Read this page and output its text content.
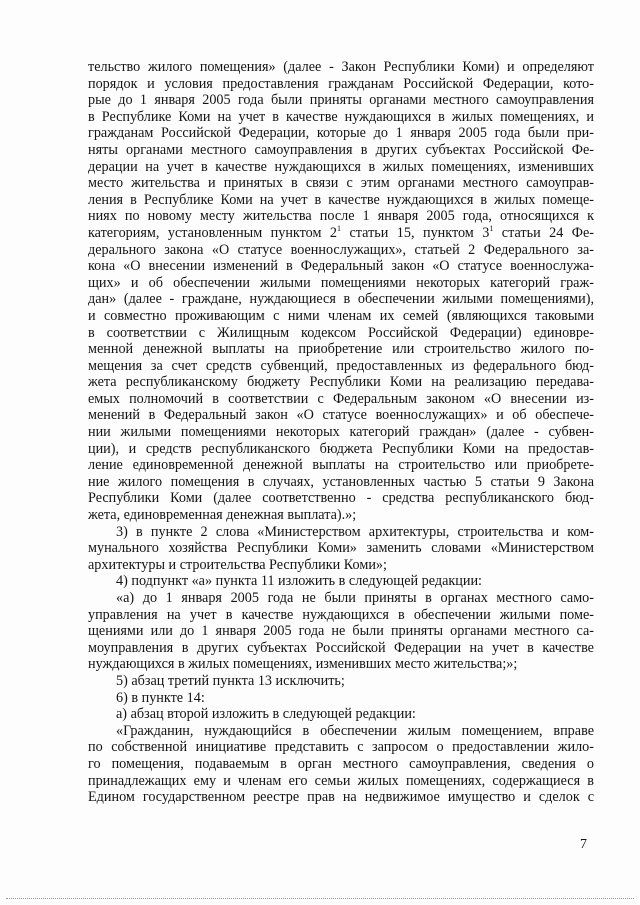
тельство жилого помещения» (далее - Закон Республики Коми) и определяют
порядок и условия предоставления гражданам Российской Федерации, кото-
рые до 1 января 2005 года были приняты органами местного самоуправления
в Республике Коми на учет в качестве нуждающихся в жилых помещениях, и
гражданам Российской Федерации, которые до 1 января 2005 года были при-
няты органами местного самоуправления в других субъектах Российской Фе-
дерации на учет в качестве нуждающихся в жилых помещениях, изменивших
место жительства и принятых в связи с этим органами местного самоуправ-
ления в Республике Коми на учет в качестве нуждающихся в жилых помеще-
ниях по новому месту жительства после 1 января 2005 года, относящихся к
категориям, установленным пунктом $2^1$ статьи 15, пунктом $3^1$ статьи 24 Фе-
дерального закона «О статусе военнослужащих», статьей 2 Федерального за-
кона «О внесении изменений в Федеральный закон «О статусе военнослужа-
щих» и об обеспечении жилыми помещениями некоторых категорий граж-
дан» (далее - граждане, нуждающиеся в обеспечении жилыми помещениями),
и совместно проживающим с ними членам их семей (являющихся таковыми
в соответствии с Жилищным кодексом Российской Федерации) единовре-
менной денежной выплаты на приобретение или строительство жилого по-
мещения за счет средств субвенций, предоставленных из федерального бюд-
жета республиканскому бюджету Республики Коми на реализацию передава-
емых полномочий в соответствии с Федеральным законом «О внесении из-
менений в Федеральный закон «О статусе военнослужащих» и об обеспече-
нии жилыми помещениями некоторых категорий граждан» (далее - субвен-
ции), и средств республиканского бюджета Республики Коми на предостав-
ление единовременной денежной выплаты на строительство или приобрете-
ние жилого помещения в случаях, установленных частью 5 статьи 9 Закона
Республики Коми (далее соответственно - средства республиканского бюд-
жета, единовременная денежная выплата).»;

3) в пункте 2 слова «Министерством архитектуры, строительства и ком-
мунального хозяйства Республики Коми» заменить словами «Министерством
архитектуры и строительства Республики Коми»;

4) подпункт «а» пункта 11 изложить в следующей редакции:

«а) до 1 января 2005 года не были приняты в органах местного само-
управления на учет в качестве нуждающихся в обеспечении жилыми поме-
щениями или до 1 января 2005 года не были приняты органами местного са-
моуправления в других субъектах Российской Федерации на учет в качестве
нуждающихся в жилых помещениях, изменивших место жительства;»;

5) абзац третий пункта 13 исключить;

6) в пункте 14:

а) абзац второй изложить в следующей редакции:

«Гражданин, нуждающийся в обеспечении жилым помещением, вправе
по собственной инициативе представить с запросом о предоставлении жило-
го помещения, подаваемым в орган местного самоуправления, сведения о
принадлежащих ему и членам его семьи жилых помещениях, содержащиеся в
Едином государственном реестре прав на недвижимое имущество и сделок с

7
